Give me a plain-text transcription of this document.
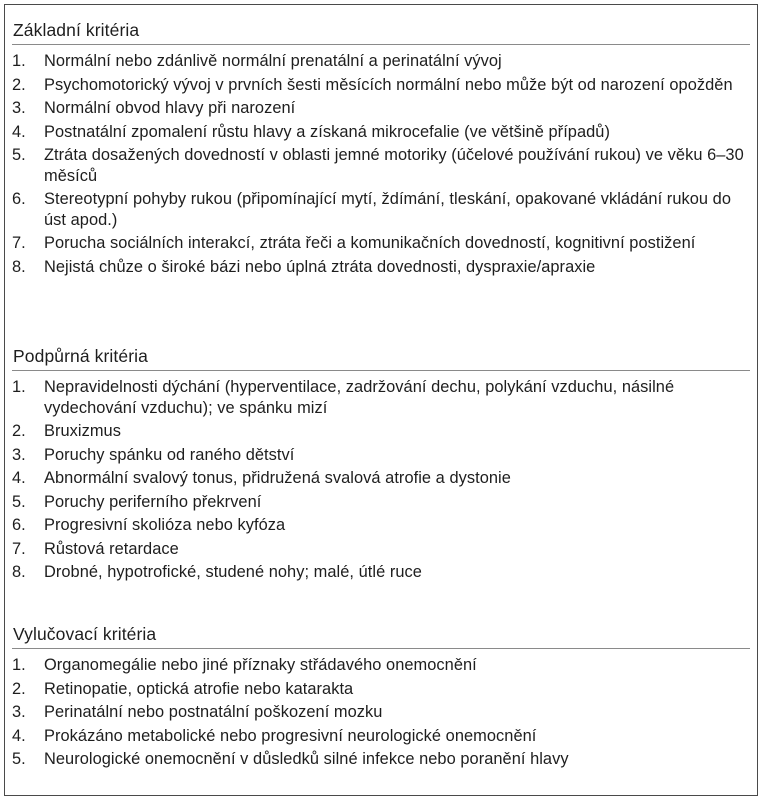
Základní kritéria
1.	Normální nebo zdánlivě normální prenatální a perinatální vývoj
2.	Psychomotorický vývoj v prvních šesti měsících normální nebo může být od narození opožděn
3.	Normální obvod hlavy při narození
4.	Postnatální zpomalení růstu hlavy a získaná mikrocefalie (ve většině případů)
5.	Ztráta dosažených dovedností v oblasti jemné motoriky (účelové používání rukou) ve věku 6–30 měsíců
6.	Stereotypní pohyby rukou (připomínající mytí, ždímání, tleskání, opakované vkládání rukou do úst apod.)
7.	Porucha sociálních interakcí, ztráta řeči a komunikačních dovedností, kognitivní postižení
8.	Nejistá chůze o široké bázi nebo úplná ztráta dovednosti, dyspraxie/apraxie
Podpůrná kritéria
1.	Nepravidelnosti dýchání (hyperventilace, zadržování dechu, polykání vzduchu, násilné vydechování vzduchu); ve spánku mizí
2.	Bruxizmus
3.	Poruchy spánku od raného dětství
4.	Abnormální svalový tonus, přidružená svalová atrofie a dystonie
5.	Poruchy periferního překrvení
6.	Progresivní skolióza nebo kyfóza
7.	Růstová retardace
8.	Drobné, hypotrofické, studené nohy; malé, útlé ruce
Vylučovací kritéria
1.	Organomegálie nebo jiné příznaky střádavého onemocnění
2.	Retinopatie, optická atrofie nebo katarakta
3.	Perinatální nebo postnatální poškození mozku
4.	Prokázáno metabolické nebo progresivní neurologické onemocnění
5.	Neurologické onemocnění v důsledků silné infekce nebo poranění hlavy
